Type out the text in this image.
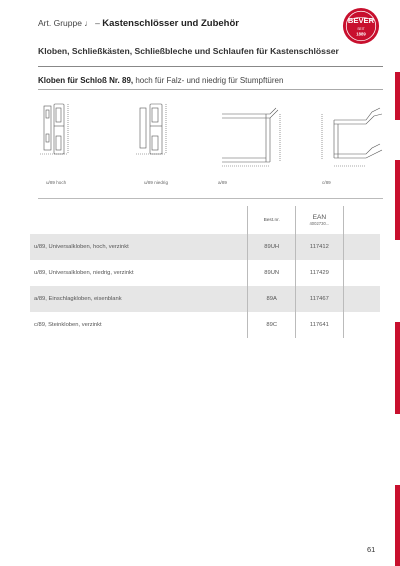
Art. Gruppe ♩ – Kastenschlösser und Zubehör	BEVER
SEIT
1889
Kloben, Schließkästen, Schließbleche und Schlaufen für Kastenschlösser
Kloben für Schloß Nr. 89, hoch für Falz- und niedrig für Stumpftüren
u/89 hoch	u/89 niedrig	a/89	c/89
	Best.nr.	EAN
4002730...	

u/89, Universalkloben, hoch, verzinkt	89UH	117412	
u/89, Universalkloben, niedrig, verzinkt	89UN	117429	
a/89, Einschlagkloben, eisenblank	89A	117467	
c/89, Steinkloben, verzinkt	89C	117641	
61
